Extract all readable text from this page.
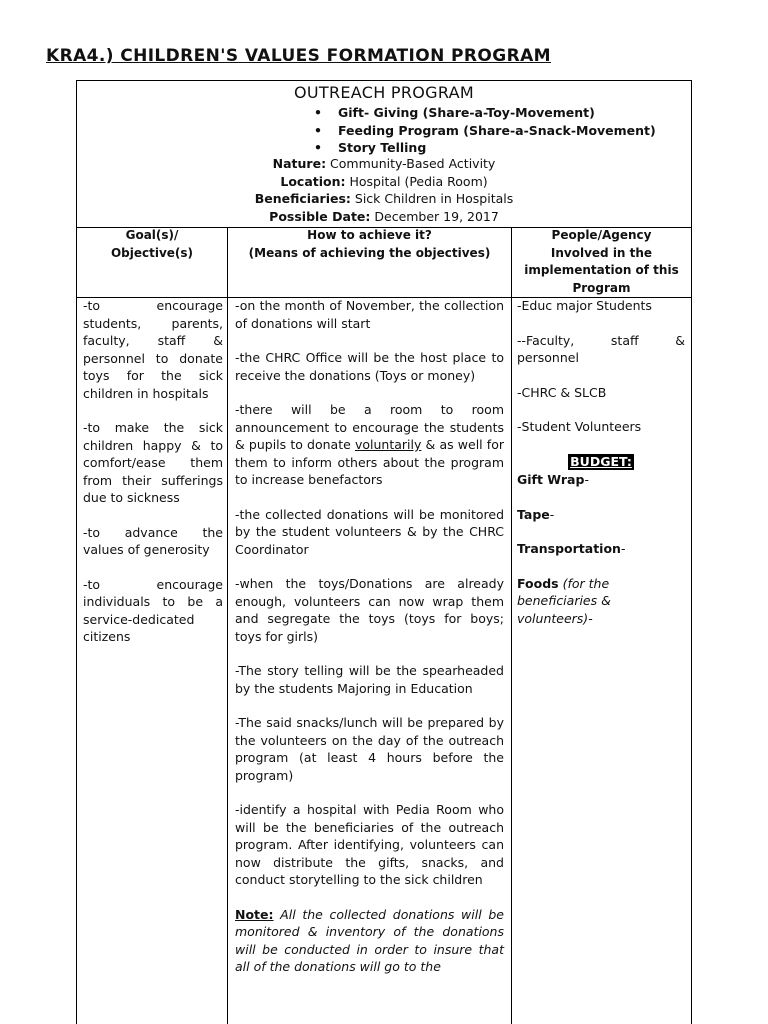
KRA4.) CHILDREN'S VALUES FORMATION PROGRAM
OUTREACH PROGRAM
• Gift- Giving (Share-a-Toy-Movement)
• Feeding Program (Share-a-Snack-Movement)
• Story Telling
Nature: Community-Based Activity
Location: Hospital (Pedia Room)
Beneficiaries: Sick Children in Hospitals
Possible Date: December 19, 2017
Goal(s)/
Objective(s)
How to achieve it?
(Means of achieving the objectives)
People/Agency
Involved in the
implementation of this
Program

-to encourage students, parents, faculty, staff & personnel to donate toys for the sick children in hospitals

-to make the sick children happy & to comfort/ease them from their sufferings due to sickness

-to advance the values of generosity

-to encourage individuals to be a service-dedicated citizens

-on the month of November, the collection of donations will start

-the CHRC Office will be the host place to receive the donations (Toys or money)

-there will be a room to room announcement to encourage the students & pupils to donate voluntarily & as well for them to inform others about the program to increase benefactors

-the collected donations will be monitored by the student volunteers & by the CHRC Coordinator

-when the toys/Donations are already enough, volunteers can now wrap them and segregate the toys (toys for boys; toys for girls)

-The story telling will be the spearheaded by the students Majoring in Education

-The said snacks/lunch will be prepared by the volunteers on the day of the outreach program (at least 4 hours before the program)

-identify a hospital with Pedia Room who will be the beneficiaries of the outreach program. After identifying, volunteers can now distribute the gifts, snacks, and conduct storytelling to the sick children

Note: All the collected donations will be monitored & inventory of the donations will be conducted in order to insure that all of the donations will go to the

-Educ major Students

--Faculty, staff & personnel

-CHRC & SLCB

-Student Volunteers

BUDGET:

Gift Wrap-

Tape-

Transportation-

Foods (for the beneficiaries & volunteers)-
